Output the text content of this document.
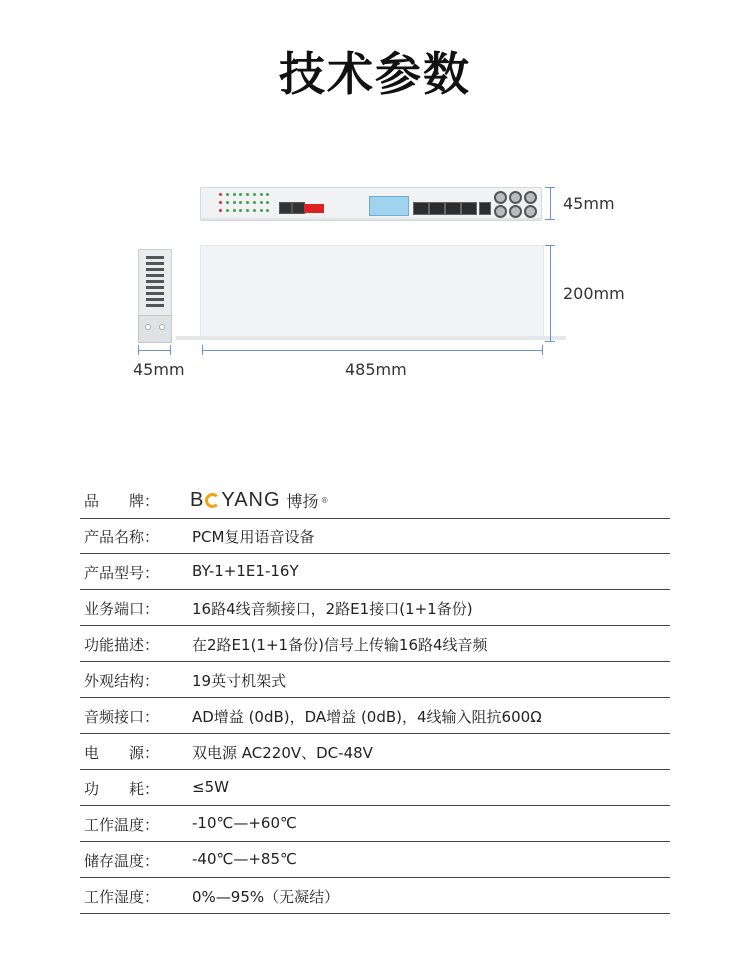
技术参数
45mm
200mm
45mm	485mm
品　　牌： B YANG 博扬 ®
产品名称： PCM复用语音设备
产品型号： BY-1+1E1-16Y
业务端口： 16路4线音频接口，2路E1接口(1+1备份)
功能描述： 在2路E1(1+1备份)信号上传输16路4线音频
外观结构： 19英寸机架式
音频接口： AD增益 (0dB)，DA增益 (0dB)，4线输入阻抗600Ω
电　　源： 双电源 AC220V、DC-48V
功　　耗： ≤5W
工作温度： -10℃—+60℃
储存温度： -40℃—+85℃
工作湿度： 0%—95%（无凝结）
